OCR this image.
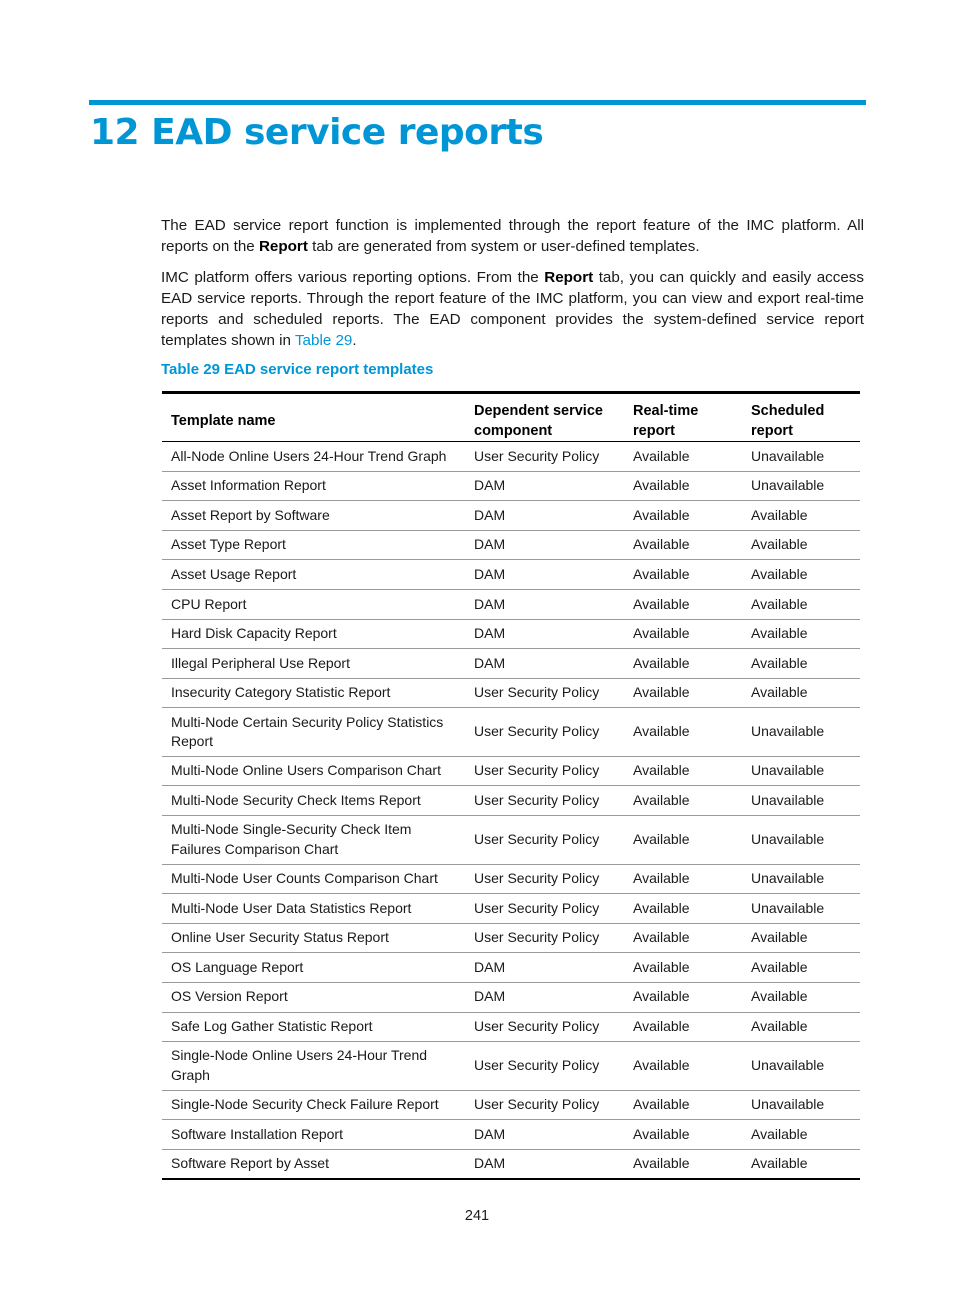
12 EAD service reports

The EAD service report function is implemented through the report feature of the IMC platform. All reports on the Report tab are generated from system or user-defined templates.

IMC platform offers various reporting options. From the Report tab, you can quickly and easily access EAD service reports. Through the report feature of the IMC platform, you can view and export real-time reports and scheduled reports. The EAD component provides the system-defined service report templates shown in Table 29.

Table 29 EAD service report templates

Template name	Dependent service component	Real-time report	Scheduled report
All-Node Online Users 24-Hour Trend Graph	User Security Policy	Available	Unavailable
Asset Information Report	DAM	Available	Unavailable
Asset Report by Software	DAM	Available	Available
Asset Type Report	DAM	Available	Available
Asset Usage Report	DAM	Available	Available
CPU Report	DAM	Available	Available
Hard Disk Capacity Report	DAM	Available	Available
Illegal Peripheral Use Report	DAM	Available	Available
Insecurity Category Statistic Report	User Security Policy	Available	Available
Multi-Node Certain Security Policy Statistics Report	User Security Policy	Available	Unavailable
Multi-Node Online Users Comparison Chart	User Security Policy	Available	Unavailable
Multi-Node Security Check Items Report	User Security Policy	Available	Unavailable
Multi-Node Single-Security Check Item Failures Comparison Chart	User Security Policy	Available	Unavailable
Multi-Node User Counts Comparison Chart	User Security Policy	Available	Unavailable
Multi-Node User Data Statistics Report	User Security Policy	Available	Unavailable
Online User Security Status Report	User Security Policy	Available	Available
OS Language Report	DAM	Available	Available
OS Version Report	DAM	Available	Available
Safe Log Gather Statistic Report	User Security Policy	Available	Available
Single-Node Online Users 24-Hour Trend Graph	User Security Policy	Available	Unavailable
Single-Node Security Check Failure Report	User Security Policy	Available	Unavailable
Software Installation Report	DAM	Available	Available
Software Report by Asset	DAM	Available	Available

241
